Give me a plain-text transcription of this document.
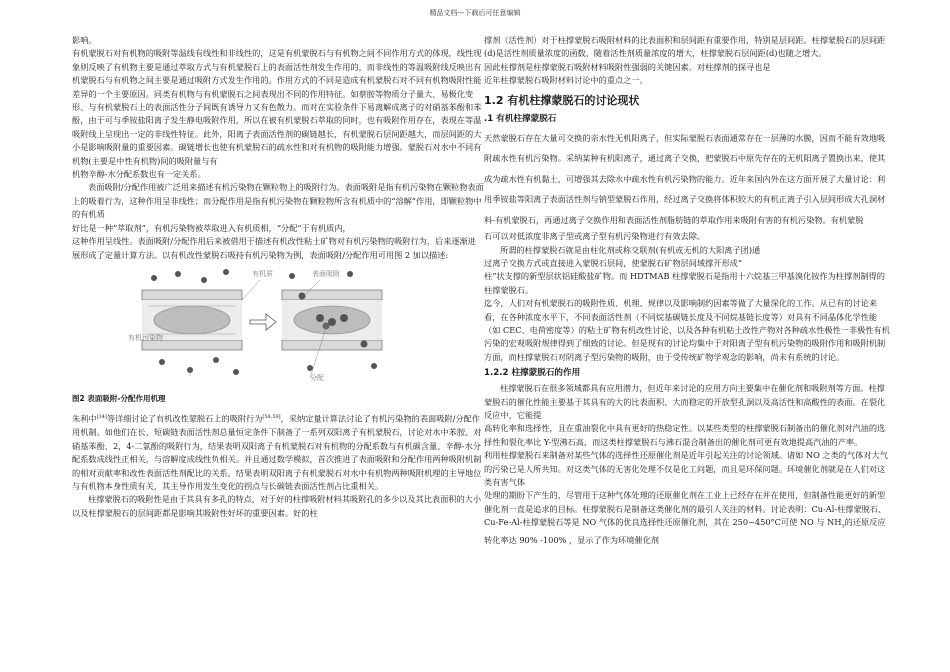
精品文档---下载后可任意编辑

影响。

有机蒙脱石对有机物的吸附等温线有线性和非线性的，这是有机蒙脱石与有机物之间不同作用方式的体现，线性现象则反映了有机物主要是通过萃取方式与有机蒙脱石上的表面活性剂发生作用的，而非线性的等温吸附线反映出有机蒙脱石与有机物之间主要是通过吸附方式发生作用的。作用方式的不同是造成有机蒙脱石对不同有机物吸附性能差异的一个主要原因。同类有机物与有机蒙脱石之间表现出不同的作用特征。如蔡胺等物质分子量大、易极化变形、与有机蒙脱石上的表面活性分子间既有诱导力又有色散力。而对在实验条件下易离解成离子的对硝基苯酚和苯酚，由于可与季铵盐阳离子发生静电吸附作用，所以在被有机蒙脱石萃取的同时，也有吸附作用存在，表现在等温吸附线上呈现出一定的非线性特征。此外，阳离子表面活性剂的碳链越长，有机蒙脱石层间距越大，而层间距的大小是影响吸附量的重要因素。碳链增长也使有机蒙脱石的疏水性和对有机物的吸附能力增强。蒙脱石对水中不同有机物(主要是中性有机物)间的吸附量与有

机物辛醇-水分配系数也有一定关系。

表面吸附/分配作用被广泛用来描述有机污染物在颗粒物上的吸附行为。表面吸附是指有机污染物在颗粒物表面上的吸着行为，这种作用呈非线性；而分配作用是指有机污染物在颗粒物所含有机质中的“溶解”作用，即颗粒物中的有机质

好比是一种“萃取剂”，有机污染物被萃取进入有机质相，“分配”于有机质内，

这种作用呈线性。表面吸附/分配作用后来被借用于描述有机改性粘土矿物对有机污染物的吸附行为，后来逐渐进展形成了定量计算方法。以有机改性蒙脱石吸持有机污染物为例，表面吸附/分配作用可用图 2 加以描述:

有机质	表面吸附
有机污染物
分配
图2 表面吸附-分配作用机理

朱利中[34]等详细讨论了有机改性蒙脱石上的吸附行为[58,59]，采纳定量计算法讨论了有机污染物的表面吸附/分配作用机制。如他们在长、短碳链表面活性剂总量恒定条件下制备了一系列双阳离子有机蒙脱石，讨论对水中苯胺、对硝基苯酚、2，4-二氯酚的吸附行为，结果表明双阳离子有机蒙脱石对有机物的分配系数与有机碳含量、辛醇-水分配系数成线性正相关，与溶解度成线性负相关。并且通过数学模拟，首次推进了表面吸附和分配作用两种吸附机制的相对贡献率和改性表面活性剂配比的关系，结果表明双阳离子有机蒙脱石对水中有机物两种吸附机理的主导地位与有机物本身性质有关，其主导作用发生变化的拐点与长碳链表面活性剂占比重相关。

柱撑蒙脱石的吸附性是由于其具有多孔的特点，对于好的柱撑吸附材料其吸附孔的多少以及其比表面积的大小以及柱撑蒙脱石的层间距都是影响其吸附性好坏的重要因素。好的柱

撑剂（活性剂）对于柱撑蒙脱石吸附材料的比表面积和层间距有重要作用，特别是层间距。柱撑蒙脱石的层间距(d)是活性剂质量浓度的函数，随着活性剂质量浓度的增大，柱撑蒙脱石层间距(d)也随之增大。

因此柱撑剂是柱撑蒙脱石吸附材料吸附性强弱的关键因素。对柱撑剂的探寻也是

近年柱撑蒙脱石吸附材料讨论中的重点之一。

1.2 有机柱撑蒙脱石的讨论现状
.1 有机柱撑蒙脱石

天然蒙脱石存在大量可交换的亲水性无机阳离子，但实际蒙脱石表面通常存在一层薄的水膜，因而不能有效地吸附疏水性有机污染物。采纳某种有机阳离子，通过离子交换，把蒙脱石中原先存在的无机阳离子置换出来，使其成为疏水性有机黏土，可增强其去除水中疏水性有机污染物的能力。近年来国内外在这方面开展了大量讨论：利用季铵盐等阳离子表面活性剂与钠型蒙脱石作用，经过离子交换将体积较大的有机正离子引入层间形成大孔洞材料-有机蒙脱石，再通过离子交换作用和表面活性剂脂肪链的萃取作用来吸附有害的有机污染物。有机蒙脱

石可以对低浓度非离子型或离子型有机污染物进行有效去除。

所谓的柱撑蒙脱石就是由柱化剂或称交联剂(有机或无机的大阳离子团)通

过离子交换方式或直接进入蒙脱石层间，使蒙脱石矿物层间域撑开形成“

柱”状支撑的新型层状铝硅酸盐矿物。而 HDTMAB 柱撑蒙脱石是指用十六烷基三甲基溴化铵作为柱撑剂制得的柱撑蒙脱石。

迄今，人们对有机蒙脱石的吸附性质、机理、规律以及影响制约因素等做了大量深化的工作。从已有的讨论来看，在各种浓度水平下，不同表面活性剂（不同烷基碳链长度及不同烷基链长度等）对具有不同晶体化学性能（如 CEC、电荷密度等）的粘土矿物有机改性讨论，以及各种有机粘土改性产物对各种疏水性极性一非极性有机污染的宏观吸附规律得到了细致的讨论。但是现有的讨论均集中于对阳离子型有机污染物的吸附作用和吸附机制方面，而柱撑蒙脱石对阴离子型污染物的吸附，由于受传统矿物学观念的影响，尚未有系统的讨论。

1.2.2 柱撑蒙脱石的作用

柱撑蒙脱石在很多领域都具有应用潜力，但近年来讨论的应用方向主要集中在催化剂和吸附剂等方面。柱撑蒙脱石的催化性能主要基于其具有的大的比表面积、大而稳定的开放型孔洞以及高活性和高酸性的表面。在裂化反应中，它能提

高转化率和选择性，且在重油裂化中具有更好的热稳定性。以某些类型的柱撑蒙脱石制备出的催化剂对汽油的选择性和裂化率比 Y-型沸石高，而这类柱撑蒙脱石与沸石混合制备出的催化剂可更有效地提高汽油的产率。

利用柱撑蒙脱石来制备对某些气体的选择性还原催化剂是近年引起关注的讨论领域。诸如 NO 之类的气体对大气的污染已是人所共知。对这类气体的无害化处理不仅是化工问题，而且是环保问题。环境催化剂就是在人们对这类有害气体

处理的期盼下产生的，尽管用于这种气体处理的还原催化剂在工业上已经存在并在使用，但制备性能更好的新型催化剂一直是追求的目标。柱撑蒙脱石是制备这类催化剂的最引人关注的材料。讨论表明：Cu-Al-柱撑蒙脱石、Cu-Fe-Al-柱撑蒙脱石等是 NO 气体的优良选择性还原催化剂，其在 250~450°C可使 NO 与 $NH_3$的还原反应转化率达 90% -100% ，显示了作为环境催化剂
